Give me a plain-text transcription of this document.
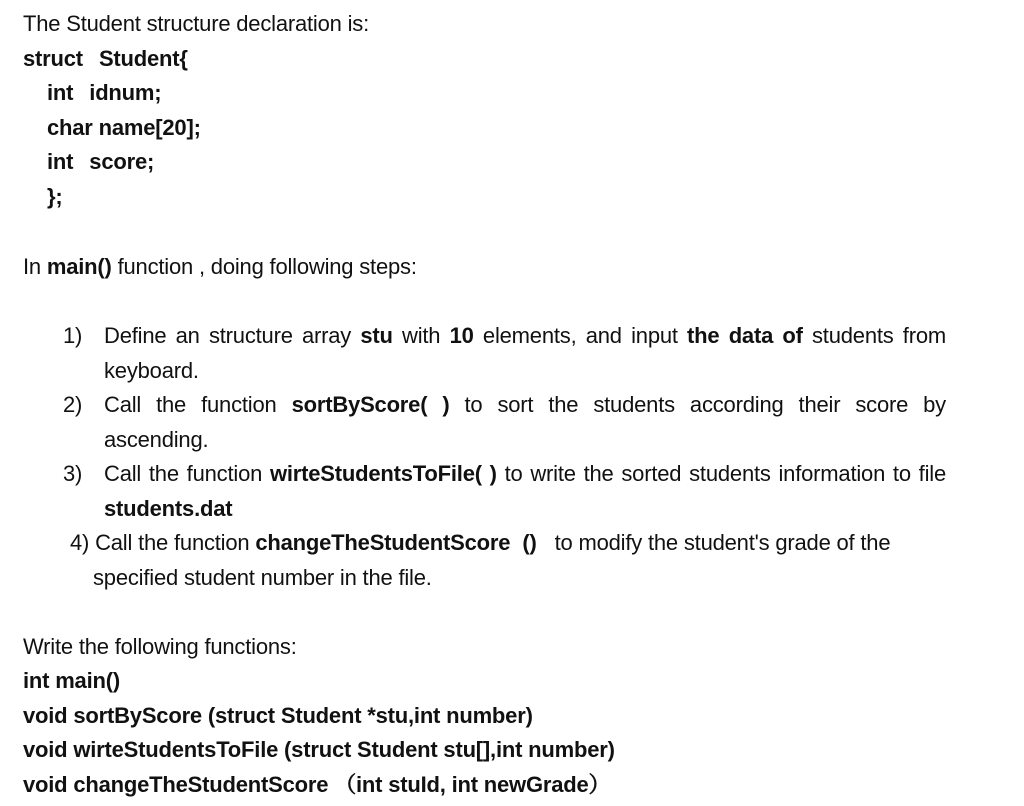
The Student structure declaration is:
struct Student{
int idnum;
char name[20];
int score;
};
In main() function , doing following steps:
1) Define an structure array stu with 10 elements, and input the data of students from keyboard.
2) Call the function sortByScore( ) to sort the students according their score by ascending.
3) Call the function wirteStudentsToFile( ) to write the sorted students information to file students.dat
4) Call the function changeTheStudentScore () to modify the student's grade of the
specified student number in the file.
Write the following functions:
int main()
void sortByScore (struct Student *stu,int number)
void wirteStudentsToFile (struct Student stu[],int number)
void changeTheStudentScore （int stuId, int newGrade）
